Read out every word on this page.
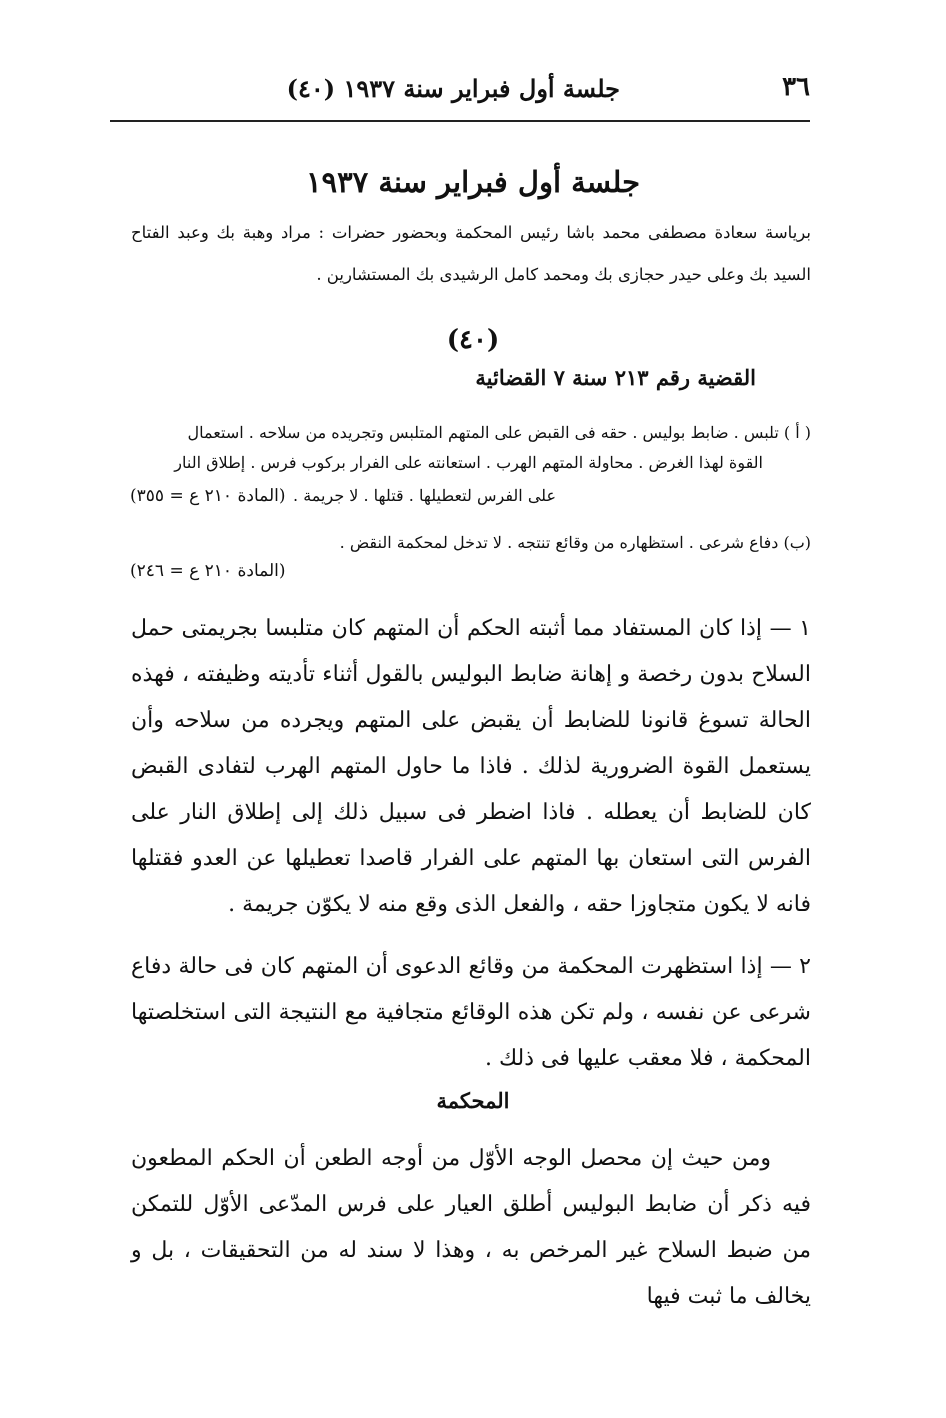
٣٦
جلسة أول فبراير سنة ١٩٣٧ (٤٠)
جلسة أول فبراير سنة ١٩٣٧
برياسة سعادة مصطفى محمد باشا رئيس المحكمة وبحضور حضرات : مراد وهبة بك وعبد الفتاح
السيد بك وعلى حيدر حجازى بك ومحمد كامل الرشيدى بك المستشارين .
(٤٠)
القضية رقم ٢١٣ سنة ٧ القضائية
( أ ) تلبس . ضابط بوليس . حقه فى القبض على المتهم المتلبس وتجريده من سلاحه . استعمال
القوة لهذا الغرض . محاولة المتهم الهرب . استعانته على الفرار بركوب فرس . إطلاق النار
على الفرس لتعطيلها . قتلها . لا جريمة .
(المادة ٢١٠ ع = ٣٥٥)
(ب) دفاع شرعى . استظهاره من وقائع تنتجه . لا تدخل لمحكمة النقض .
(المادة ٢١٠ ع = ٢٤٦)
١ — إذا كان المستفاد مما أثبته الحكم أن المتهم كان متلبسا بجريمتى حمل السلاح بدون رخصة و إهانة ضابط البوليس بالقول أثناء تأديته وظيفته ، فهذه الحالة تسوغ قانونا للضابط أن يقبض على المتهم ويجرده من سلاحه وأن يستعمل القوة الضرورية لذلك . فاذا ما حاول المتهم الهرب لتفادى القبض كان للضابط أن يعطله . فاذا اضطر فى سبيل ذلك إلى إطلاق النار على الفرس التى استعان بها المتهم على الفرار قاصدا تعطيلها عن العدو فقتلها فانه لا يكون متجاوزا حقه ، والفعل الذى وقع منه لا يكوّن جريمة .
٢ — إذا استظهرت المحكمة من وقائع الدعوى أن المتهم كان فى حالة دفاع شرعى عن نفسه ، ولم تكن هذه الوقائع متجافية مع النتيجة التى استخلصتها المحكمة ، فلا معقب عليها فى ذلك .
المحكمة
ومن حيث إن محصل الوجه الأوّل من أوجه الطعن أن الحكم المطعون فيه ذكر أن ضابط البوليس أطلق العيار على فرس المدّعى الأوّل للتمكن من ضبط السلاح غير المرخص به ، وهذا لا سند له من التحقيقات ، بل و يخالف ما ثبت فيها
